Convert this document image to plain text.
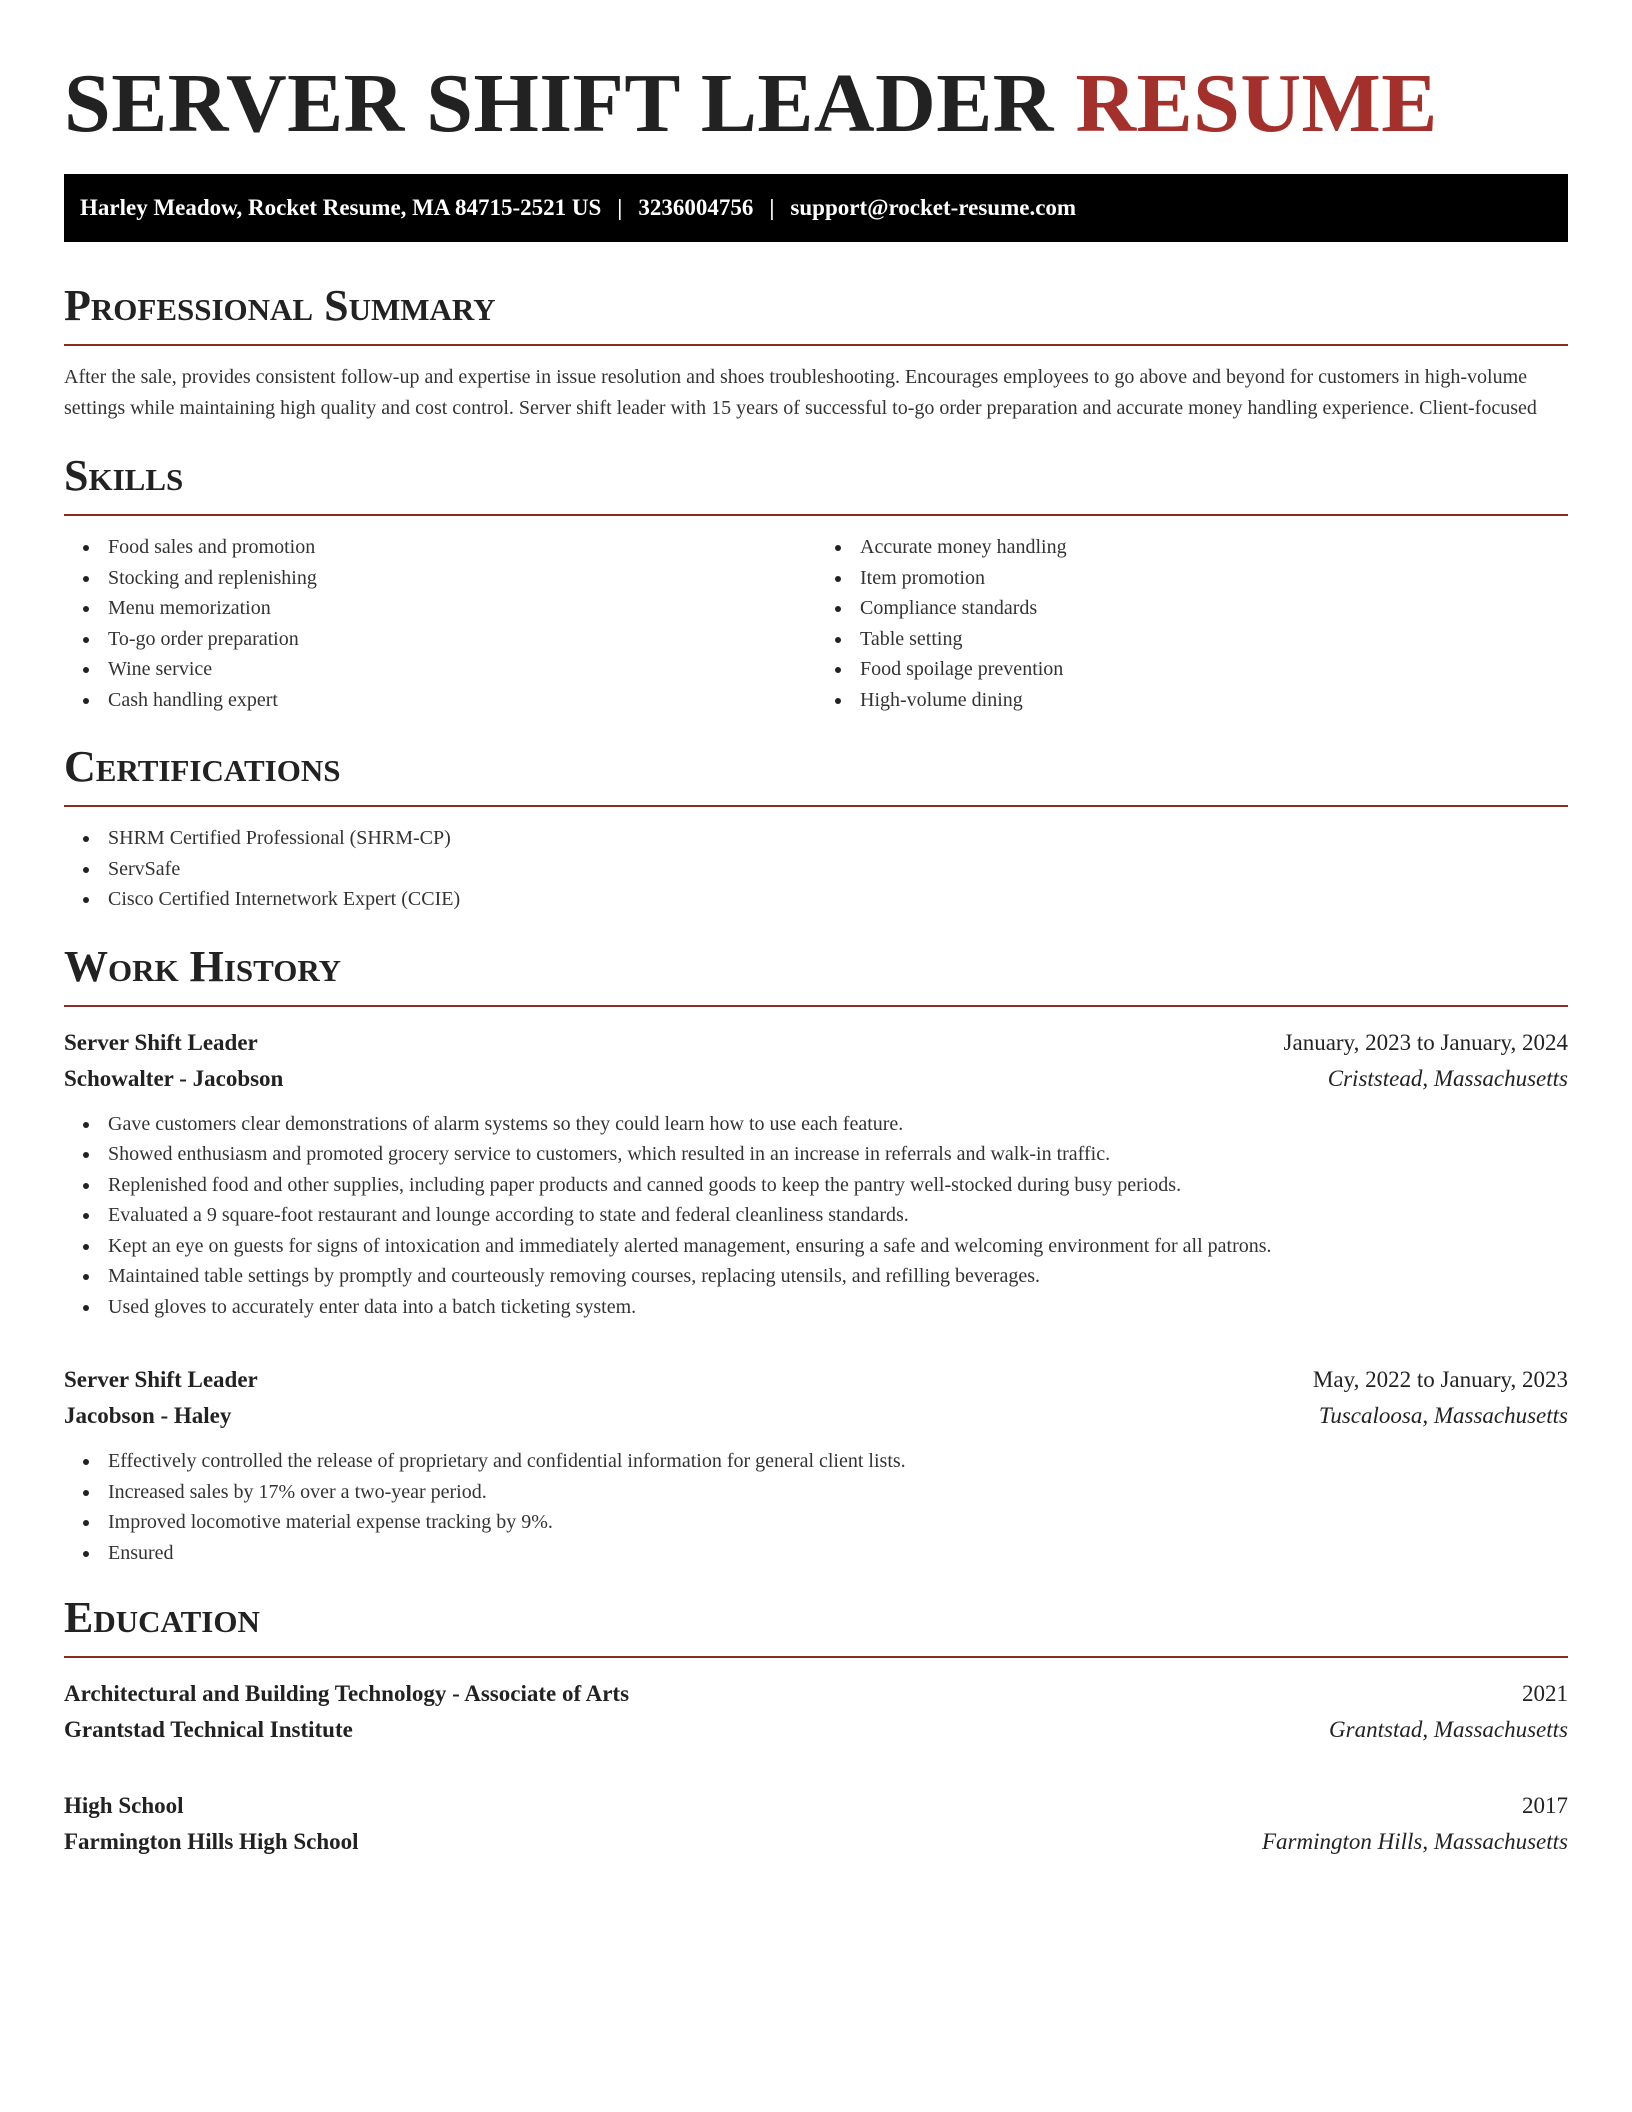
SERVER SHIFT LEADER RESUME
Harley Meadow, Rocket Resume, MA 84715-2521 US | 3236004756 | support@rocket-resume.com
Professional Summary

After the sale, provides consistent follow-up and expertise in issue resolution and shoes troubleshooting. Encourages employees to go above and beyond for customers in high-volume settings while maintaining high quality and cost control. Server shift leader with 15 years of successful to-go order preparation and accurate money handling experience. Client-focused

Skills
Food sales and promotion
Stocking and replenishing
Menu memorization
To-go order preparation
Wine service
Cash handling expert
Accurate money handling
Item promotion
Compliance standards
Table setting
Food spoilage prevention
High-volume dining
Certifications
SHRM Certified Professional (SHRM-CP)
ServSafe
Cisco Certified Internetwork Expert (CCIE)
Work History
Server Shift Leader	January, 2023 to January, 2024
Schowalter - Jacobson	Criststead, Massachusetts
Gave customers clear demonstrations of alarm systems so they could learn how to use each feature.
Showed enthusiasm and promoted grocery service to customers, which resulted in an increase in referrals and walk-in traffic.
Replenished food and other supplies, including paper products and canned goods to keep the pantry well-stocked during busy periods.
Evaluated a 9 square-foot restaurant and lounge according to state and federal cleanliness standards.
Kept an eye on guests for signs of intoxication and immediately alerted management, ensuring a safe and welcoming environment for all patrons.
Maintained table settings by promptly and courteously removing courses, replacing utensils, and refilling beverages.
Used gloves to accurately enter data into a batch ticketing system.
Server Shift Leader	May, 2022 to January, 2023
Jacobson - Haley	Tuscaloosa, Massachusetts
Effectively controlled the release of proprietary and confidential information for general client lists.
Increased sales by 17% over a two-year period.
Improved locomotive material expense tracking by 9%.
Ensured
Education
Architectural and Building Technology - Associate of Arts	2021
Grantstad Technical Institute	Grantstad, Massachusetts
High School	2017
Farmington Hills High School	Farmington Hills, Massachusetts
